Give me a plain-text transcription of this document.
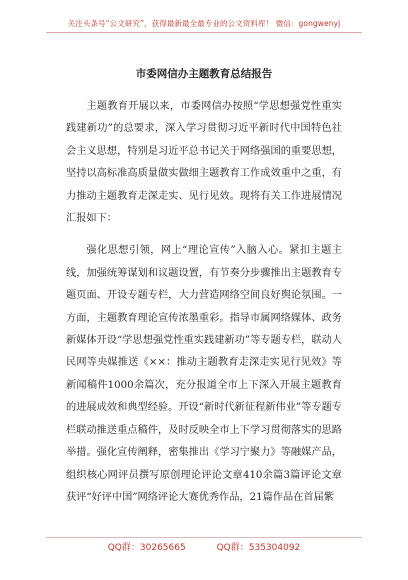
关注头条号“公文研究”，获得最新最全最专业的公文资料库！ 微信：gongwenyj
市委网信办主题教育总结报告

主题教育开展以来，市委网信办按照“学思想强党性重实践建新功”的总要求，深入学习贯彻习近平新时代中国特色社会主义思想，特别是习近平总书记关于网络强国的重要思想，坚持以高标准高质量做实做细主题教育工作成效重中之重，有力推动主题教育走深走实、见行见效。现将有关工作进展情况汇报如下：

强化思想引领，网上“理论宣传”入脑入心。紧扣主题主线，加强统筹谋划和议题设置，有节奏分步骤推出主题教育专题页面、开设专题专栏，大力营造网络空间良好舆论氛围。一方面，主题教育理论宣传浓墨重彩。指导市属网络媒体、政务新媒体开设“学思想强党性重实践建新功”等专题专栏，联动人民网等央媒推送《××：推动主题教育走深走实见行见效》等新闻稿件1000余篇次，充分报道全市上下深入开展主题教育的进展成效和典型经验。开设“新时代新征程新伟业”等专题专栏联动推送重点稿件，及时反映全市上下学习贯彻落实的思路举措。强化宣传阐释，密集推出《学习宁聚力》等融媒产品，组织核心网评员撰写原创理论评论文章410余篇3篇评论文章获评“好评中国”网络评论大赛优秀作品，21篇作品在首届紫

QQ群：30265665	QQ群：535304092
